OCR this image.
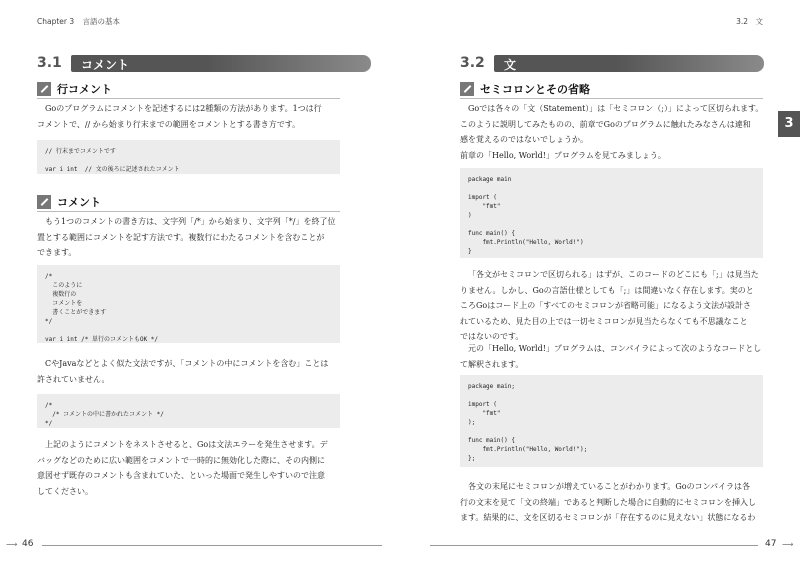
Chapter 3 言語の基本	3.2　文
3.1 コメント
行コメント
Goのプログラムにコメントを記述するには2種類の方法があります。1つは行
コメントで、// から始まり行末までの範囲をコメントとする書き方です。
// 行末までコメントです

var i int  // 文の後ろに記述されたコメント
コメント
もう1つのコメントの書き方は、文字列「/*」から始まり、文字列「*/」を終了位
置とする範囲にコメントを記す方法です。複数行にわたるコメントを含むことが
できます。
/*
このように
複数行の
コメントを
書くことができます
*/

var i int /* 単行のコメントもOK */
CやJavaなどとよく似た文法ですが、「コメントの中にコメントを含む」ことは
許されていません。
/*
/* コメントの中に書かれたコメント */
*/
上記のようにコメントをネストさせると、Goは文法エラーを発生させます。デ
バッグなどのために広い範囲をコメントで一時的に無効化した際に、その内側に
意図せず既存のコメントも含まれていた、といった場面で発生しやすいので注意
してください。
3.2 文
セミコロンとその省略
Goでは各々の「文（Statement）」は「セミコロン（;）」によって区切られます。
このように説明してみたものの、前章でGoのプログラムに触れたみなさんは違和
感を覚えるのではないでしょうか。
前章の「Hello, World!」プログラムを見てみましょう。
package main

import (
"fmt"
)

func main() {
fmt.Println("Hello, World!")
}
「各文がセミコロンで区切られる」はずが、このコードのどこにも「;」は見当た
りません。しかし、Goの言語仕様としても「;」は間違いなく存在します。実のと
ころGoはコード上の「すべてのセミコロンが省略可能」になるよう文法が設計さ
れているため、見た目の上では一切セミコロンが見当たらなくても不思議なこと
ではないのです。
元の「Hello, World!」プログラムは、コンパイラによって次のようなコードとし
て解釈されます。
package main;

import (
"fmt"
);

func main() {
fmt.Println("Hello, World!");
};
各文の末尾にセミコロンが増えていることがわかります。Goのコンパイラは各
行の文末を見て「文の終端」であると判断した場合に自動的にセミコロンを挿入し
ます。結果的に、文を区切るセミコロンが「存在するのに見えない」状態になるわ
3
⟶ 46	47 ⟶
